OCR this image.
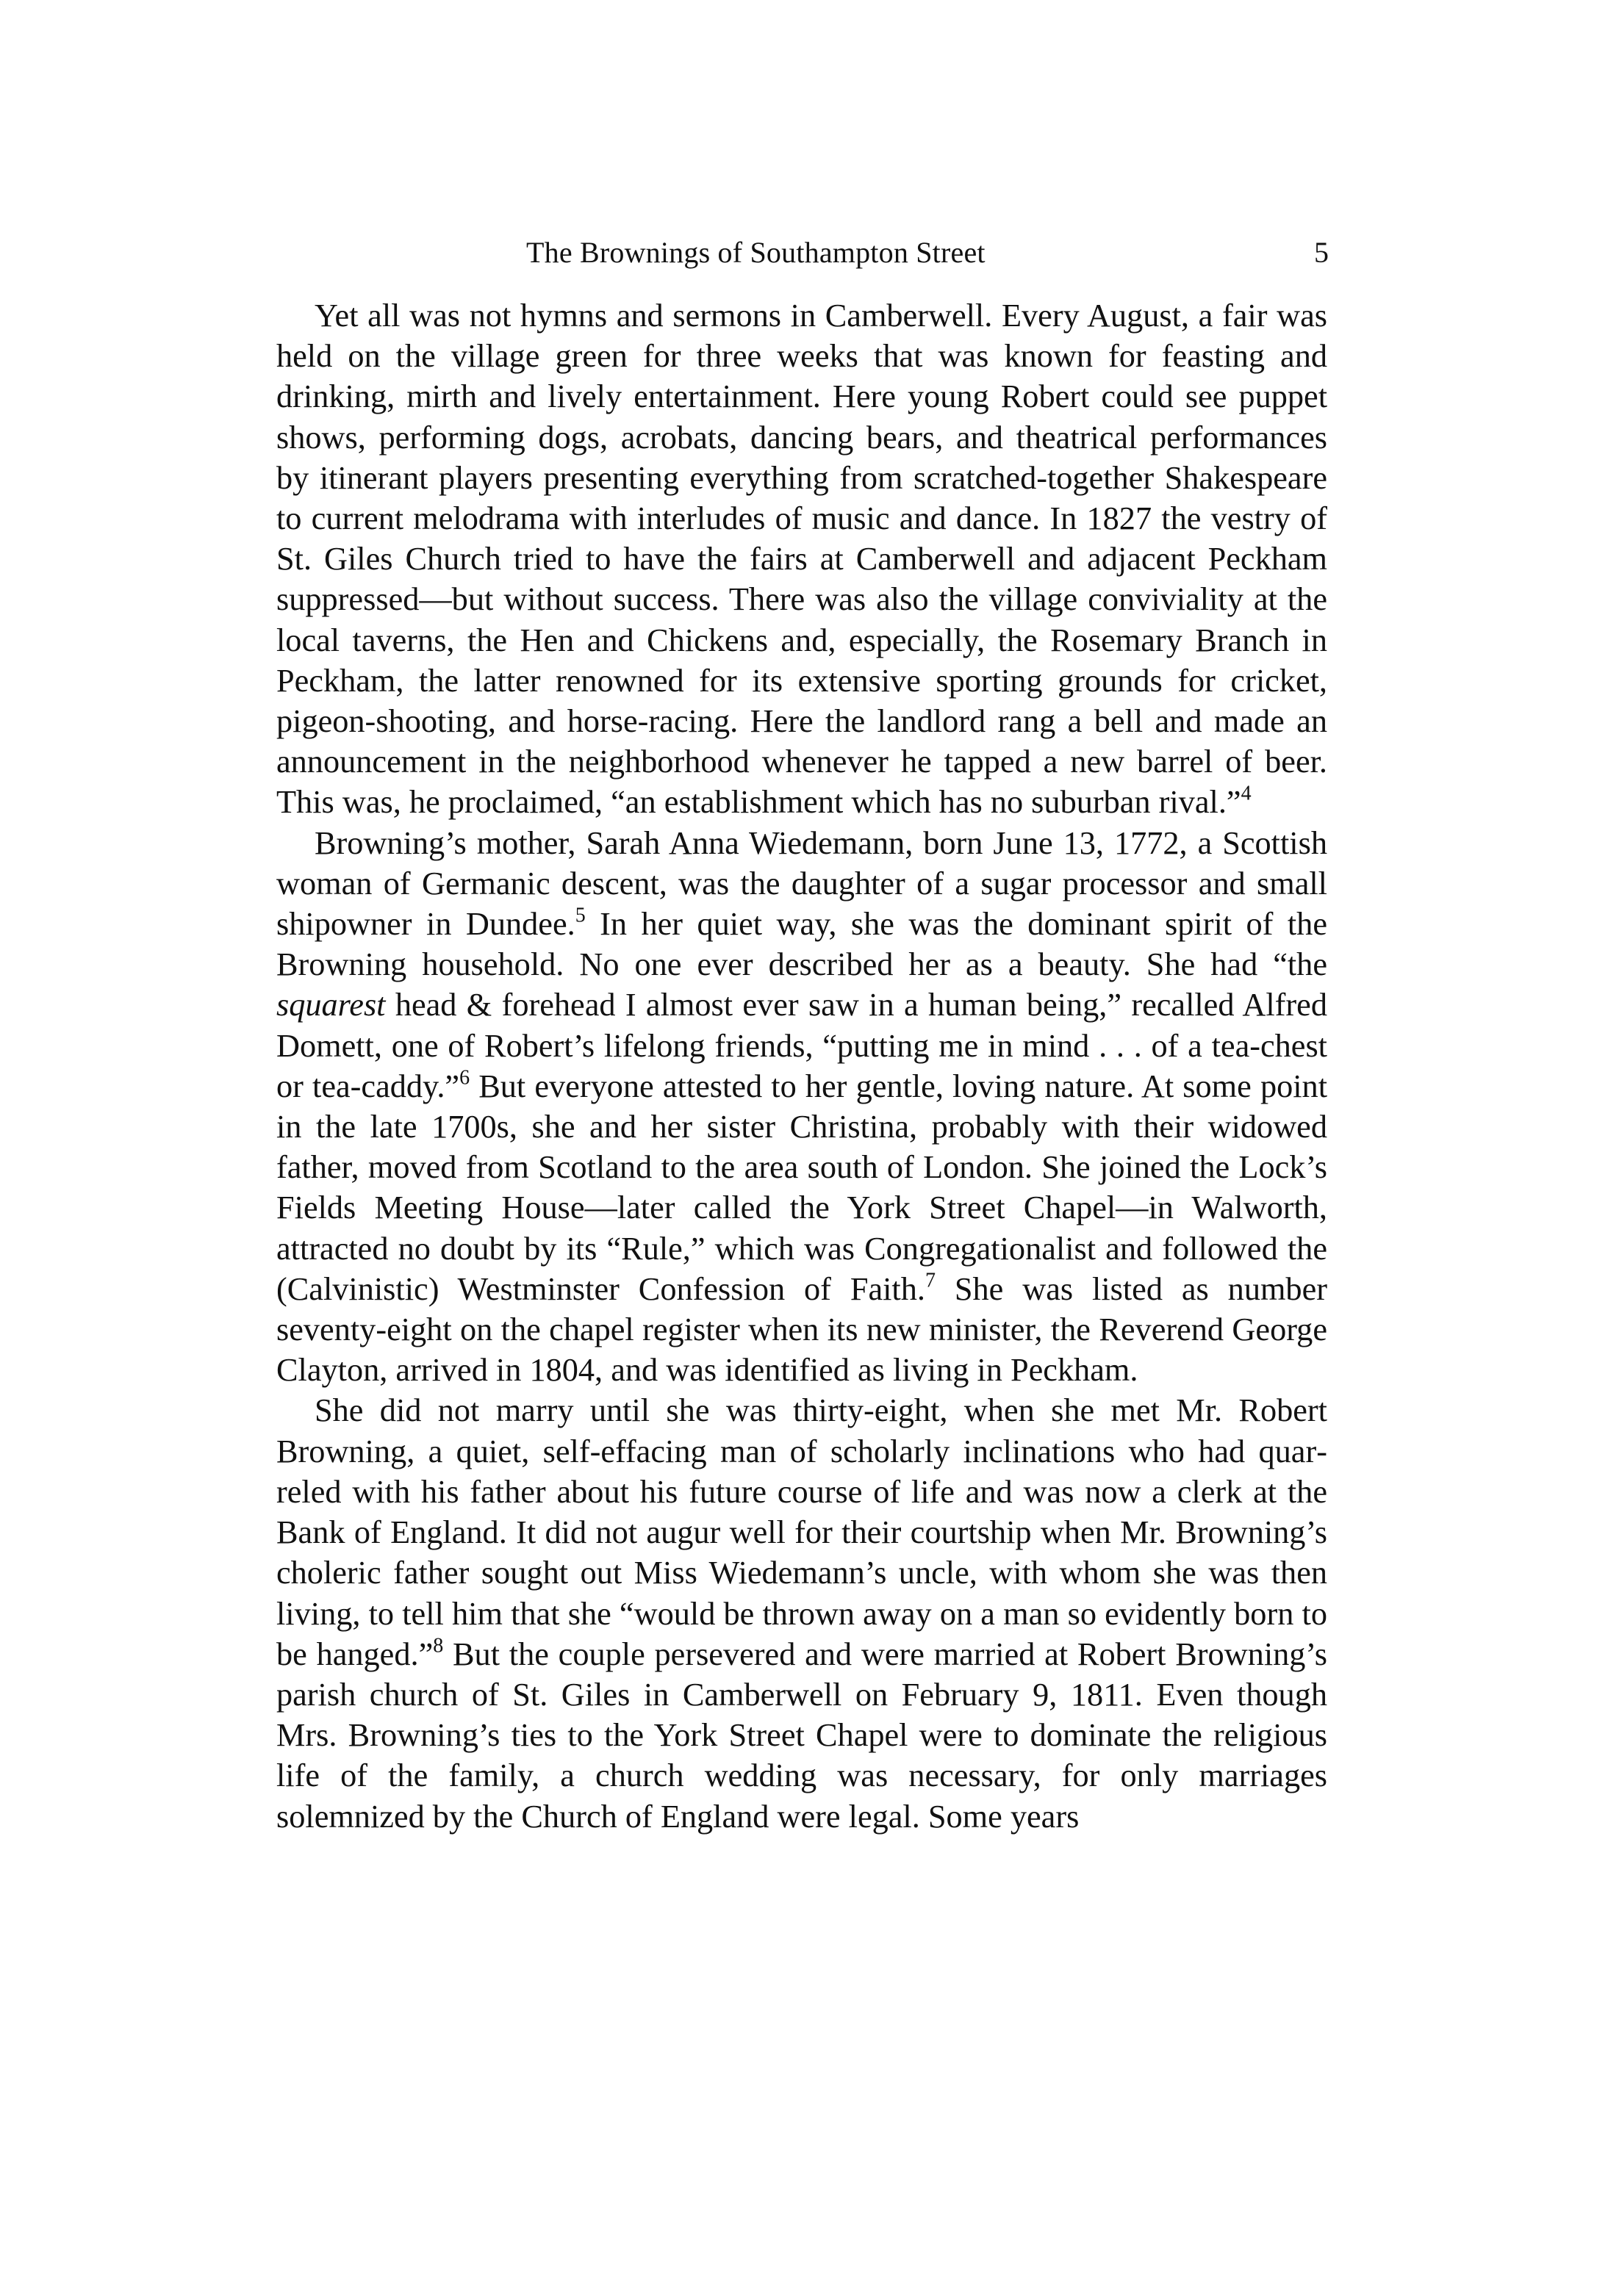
The Brownings of Southampton Street	5

Yet all was not hymns and sermons in Camberwell. Every August, a fair was held on the village green for three weeks that was known for feasting and drinking, mirth and lively entertainment. Here young Robert could see puppet shows, performing dogs, acrobats, dancing bears, and theatrical performances by itinerant players presenting everything from scratched-together Shakespeare to current melodrama with interludes of music and dance. In 1827 the vestry of St. Giles Church tried to have the fairs at Camberwell and adjacent Peckham suppressed—but without success. There was also the village conviviality at the local taverns, the Hen and Chickens and, especially, the Rosemary Branch in Peckham, the latter renowned for its extensive sporting grounds for cricket, pigeon-shooting, and horse-racing. Here the landlord rang a bell and made an announcement in the neighborhood whenever he tapped a new barrel of beer. This was, he proclaimed, “an establishment which has no suburban rival.”$^4$

Browning’s mother, Sarah Anna Wiedemann, born June 13, 1772, a Scottish woman of Germanic descent, was the daughter of a sugar processor and small shipowner in Dundee.$^5$ In her quiet way, she was the dominant spirit of the Browning household. No one ever described her as a beauty. She had “the squarest head & forehead I almost ever saw in a human being,” recalled Alfred Domett, one of Robert’s lifelong friends, “putting me in mind . . . of a tea-chest or tea-caddy.”$^6$ But everyone attested to her gentle, loving nature. At some point in the late 1700s, she and her sister Christina, probably with their widowed father, moved from Scotland to the area south of London. She joined the Lock’s Fields Meeting House—later called the York Street Chapel—in Walworth, attracted no doubt by its “Rule,” which was Congregationalist and followed the (Calvinistic) Westminster Confession of Faith.$^7$ She was listed as number seventy-eight on the chapel register when its new minister, the Reverend George Clayton, arrived in 1804, and was identified as living in Peckham.

She did not marry until she was thirty-eight, when she met Mr. Robert Browning, a quiet, self-effacing man of scholarly inclinations who had quarreled with his father about his future course of life and was now a clerk at the Bank of England. It did not augur well for their courtship when Mr. Browning’s choleric father sought out Miss Wiedemann’s uncle, with whom she was then living, to tell him that she “would be thrown away on a man so evidently born to be hanged.”$^8$ But the couple persevered and were married at Robert Browning’s parish church of St. Giles in Camberwell on February 9, 1811. Even though Mrs. Browning’s ties to the York Street Chapel were to dominate the religious life of the family, a church wedding was necessary, for only marriages solemnized by the Church of England were legal. Some years
